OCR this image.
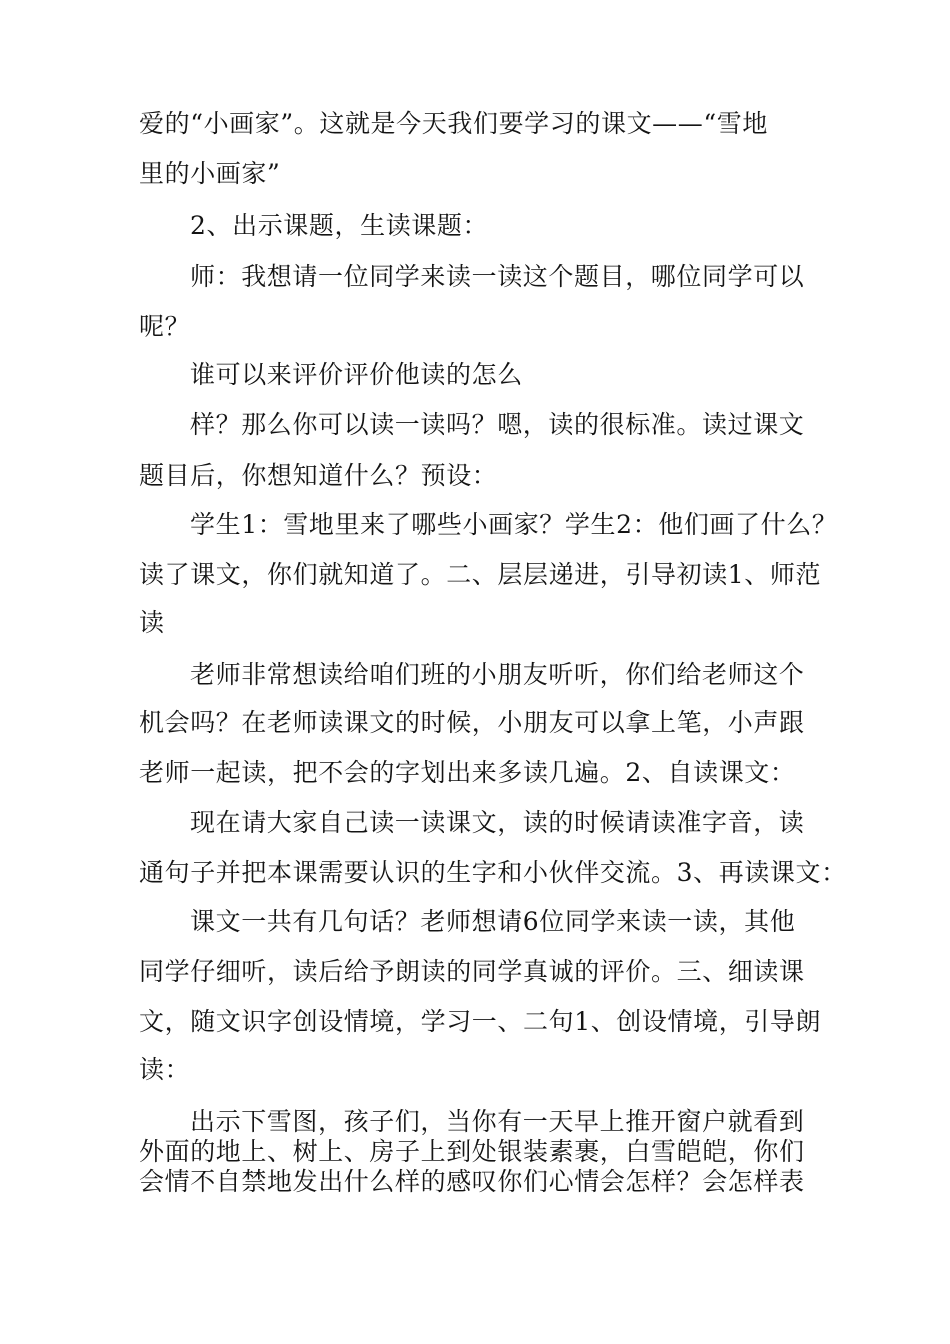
爱的“小画家”。这就是今天我们要学习的课文——“雪地

里的小画家”

2、出示课题，生读课题：

师：我想请一位同学来读一读这个题目，哪位同学可以

呢？

谁可以来评价评价他读的怎么

样？那么你可以读一读吗？嗯，读的很标准。读过课文

题目后，你想知道什么？预设：

学生1：雪地里来了哪些小画家？学生2：他们画了什么？

读了课文，你们就知道了。二、层层递进，引导初读1、师范

读

老师非常想读给咱们班的小朋友听听，你们给老师这个

机会吗？在老师读课文的时候，小朋友可以拿上笔，小声跟

老师一起读，把不会的字划出来多读几遍。2、自读课文：

现在请大家自己读一读课文，读的时候请读准字音，读

通句子并把本课需要认识的生字和小伙伴交流。3、再读课文：

课文一共有几句话？老师想请6位同学来读一读，其他

同学仔细听，读后给予朗读的同学真诚的评价。三、细读课

文，随文识字创设情境，学习一、二句1、创设情境，引导朗

读：

出示下雪图，孩子们，当你有一天早上推开窗户就看到

外面的地上、树上、房子上到处银装素裹，白雪皑皑，你们

会情不自禁地发出什么样的感叹你们心情会怎样？会怎样表
